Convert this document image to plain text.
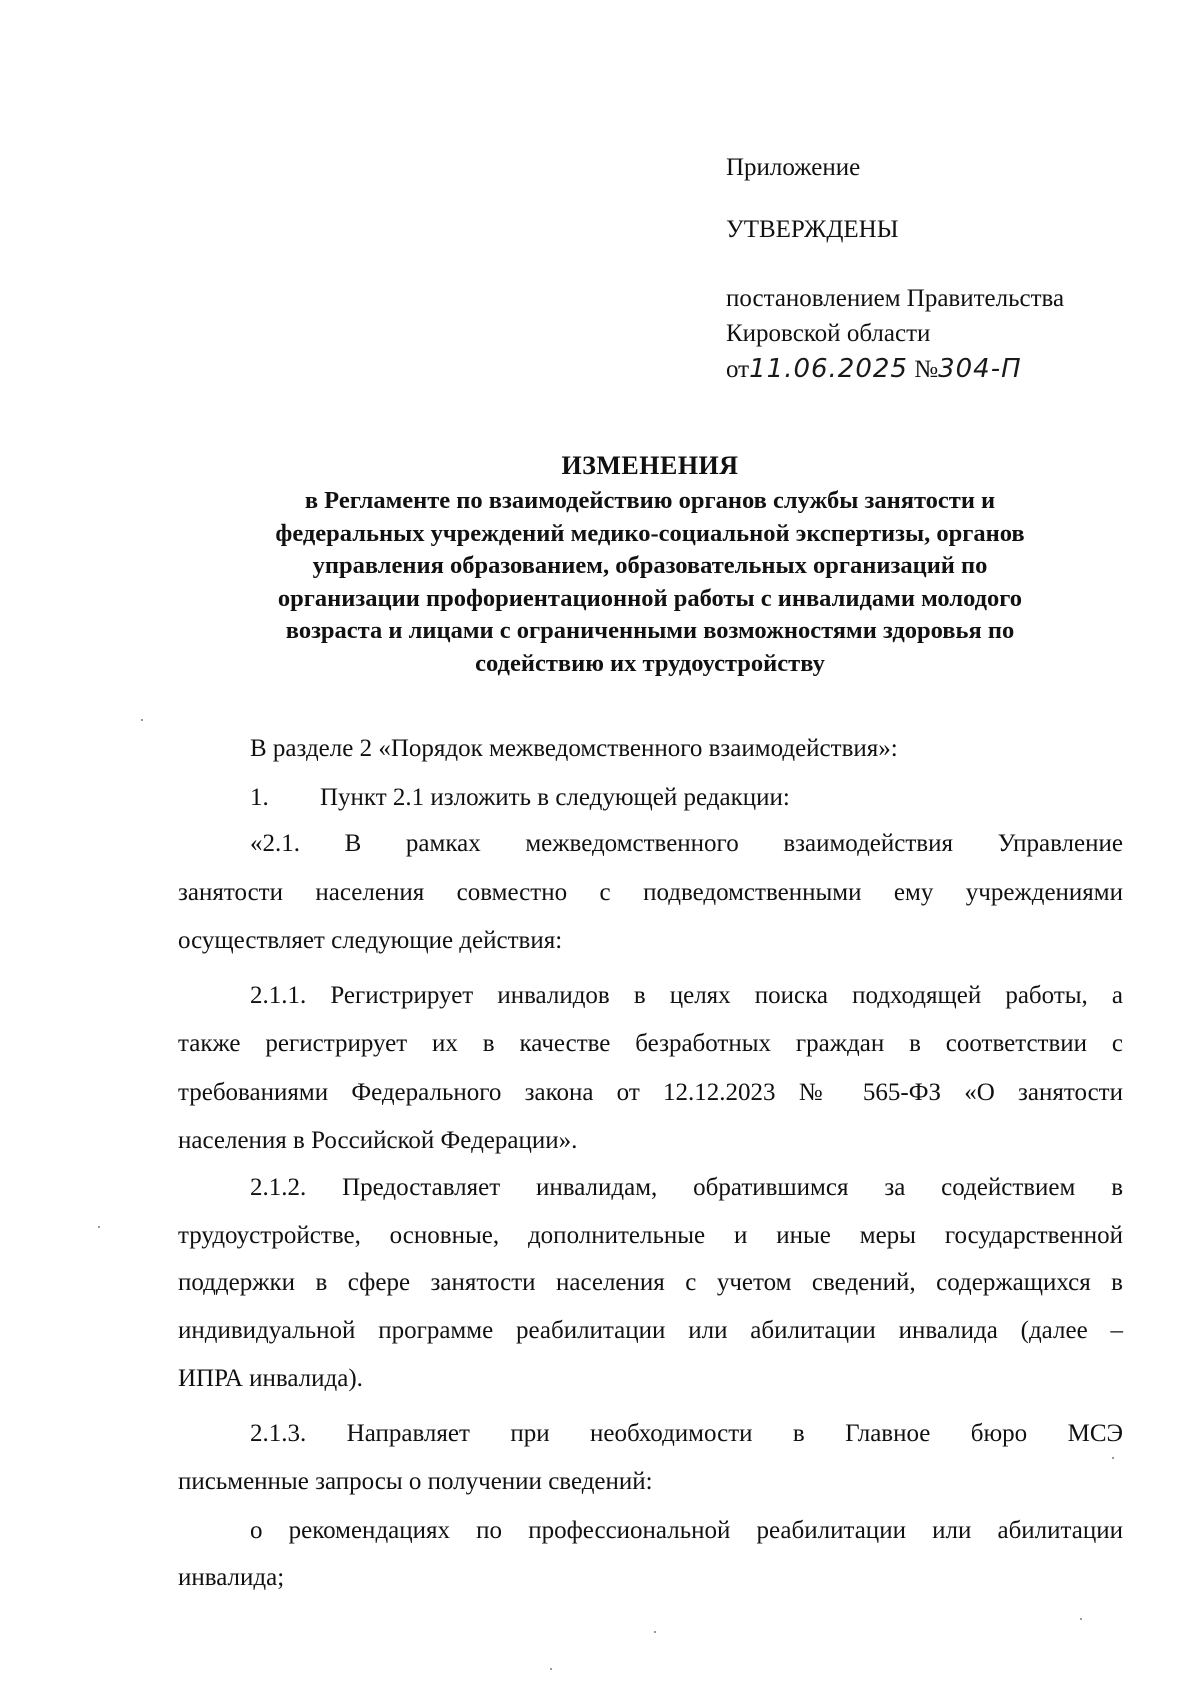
Приложение
УТВЕРЖДЕНЫ
постановлением Правительства
Кировской области
от11.06.2025 №304-П
ИЗМЕНЕНИЯ
в Регламенте по взаимодействию органов службы занятости и
федеральных учреждений медико-социальной экспертизы, органов
управления образованием, образовательных организаций по
организации профориентационной работы с инвалидами молодого
возраста и лицами с ограниченными возможностями здоровья по
содействию их трудоустройству
В разделе 2 «Порядок межведомственного взаимодействия»:
1. Пункт 2.1 изложить в следующей редакции:
«2.1. В рамках межведомственного взаимодействия Управление
занятости населения совместно с подведомственными ему учреждениями
осуществляет следующие действия:
2.1.1. Регистрирует инвалидов в целях поиска подходящей работы, а
также регистрирует их в качестве безработных граждан в соответствии с
требованиями Федерального закона от 12.12.2023 № 565-ФЗ «О занятости
населения в Российской Федерации».
2.1.2. Предоставляет инвалидам, обратившимся за содействием в
трудоустройстве, основные, дополнительные и иные меры государственной
поддержки в сфере занятости населения с учетом сведений, содержащихся в
индивидуальной программе реабилитации или абилитации инвалида (далее –
ИПРА инвалида).
2.1.3. Направляет при необходимости в Главное бюро МСЭ
письменные запросы о получении сведений:
о рекомендациях по профессиональной реабилитации или абилитации
инвалида;
